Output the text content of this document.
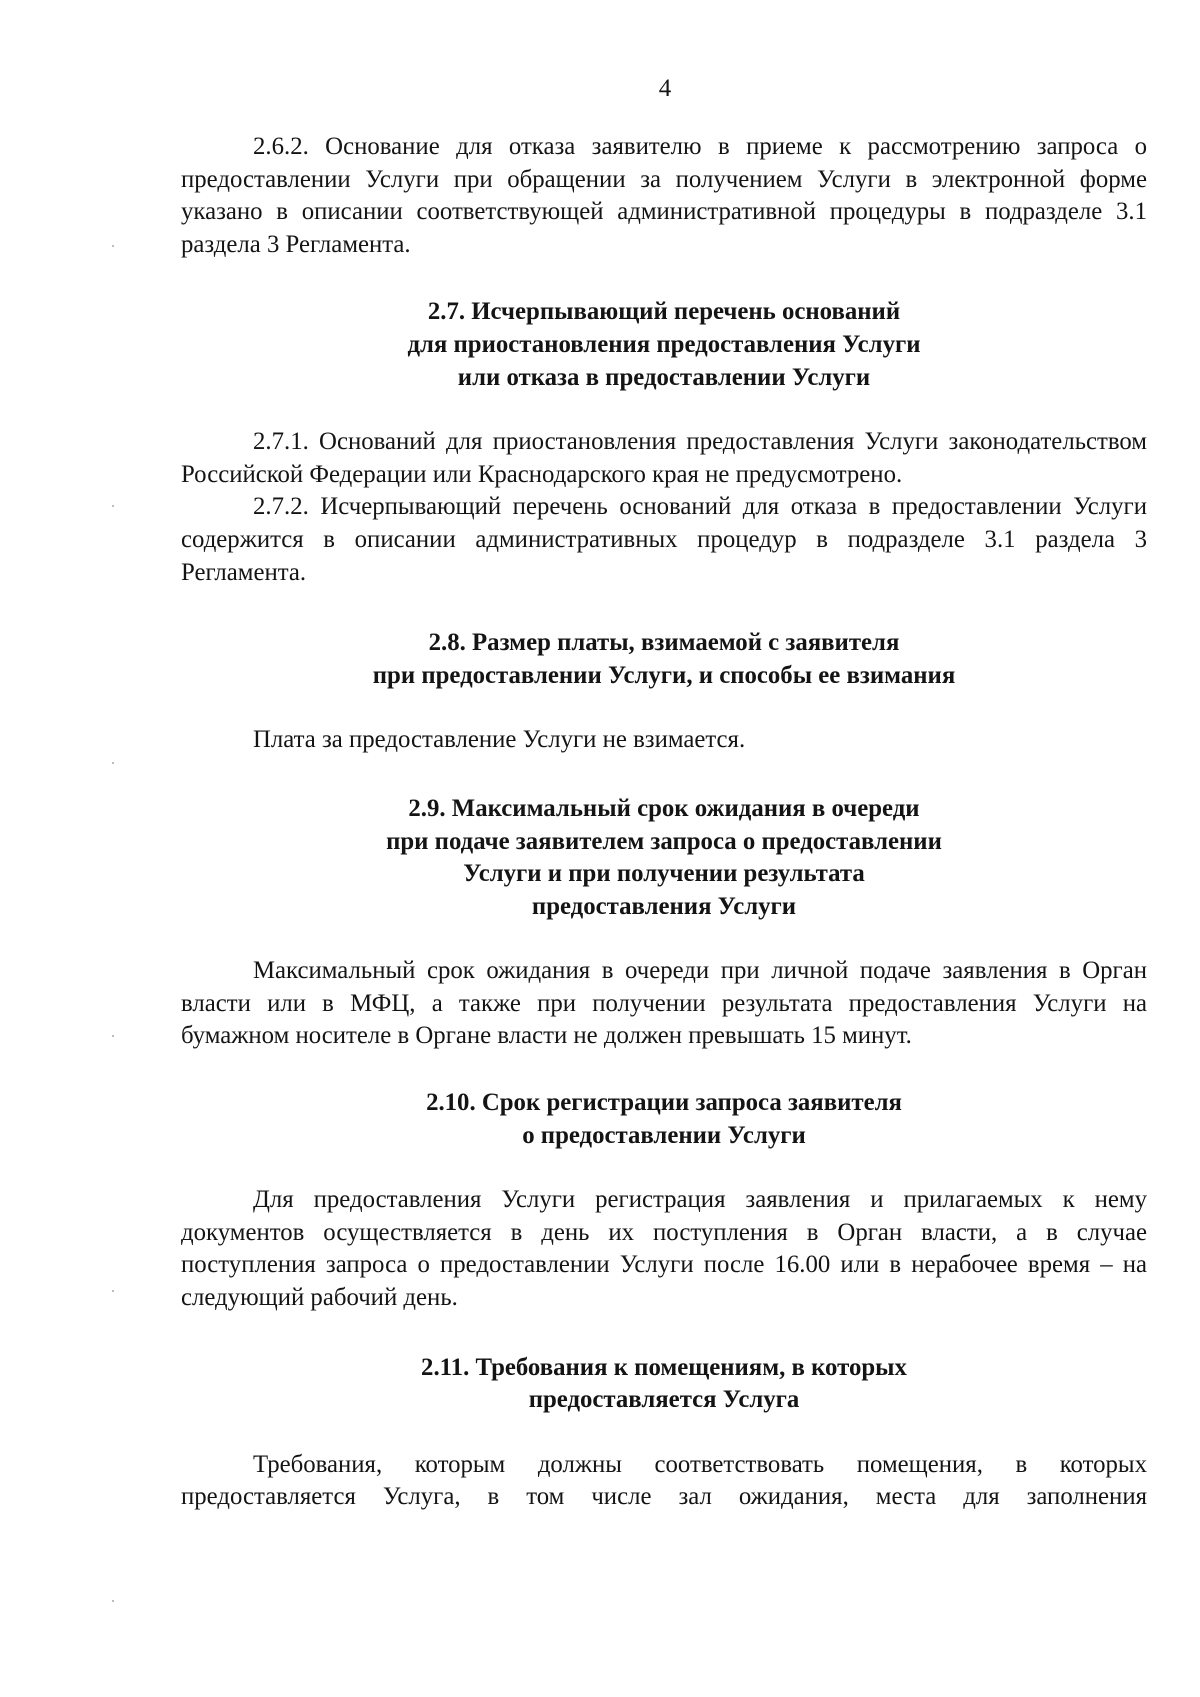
4

2.6.2. Основание для отказа заявителю в приеме к рассмотрению запроса о предоставлении Услуги при обращении за получением Услуги в электронной форме указано в описании соответствующей административной процедуры в подразделе 3.1 раздела 3 Регламента.

2.7. Исчерпывающий перечень оснований
для приостановления предоставления Услуги
или отказа в предоставлении Услуги

2.7.1. Оснований для приостановления предоставления Услуги законодательством Российской Федерации или Краснодарского края не предусмотрено.

2.7.2. Исчерпывающий перечень оснований для отказа в предоставлении Услуги содержится в описании административных процедур в подразделе 3.1 раздела 3 Регламента.

2.8. Размер платы, взимаемой с заявителя
при предоставлении Услуги, и способы ее взимания

Плата за предоставление Услуги не взимается.

2.9. Максимальный срок ожидания в очереди
при подаче заявителем запроса о предоставлении
Услуги и при получении результата
предоставления Услуги

Максимальный срок ожидания в очереди при личной подаче заявления в Орган власти или в МФЦ, а также при получении результата предоставления Услуги на бумажном носителе в Органе власти не должен превышать 15 минут.

2.10. Срок регистрации запроса заявителя
о предоставлении Услуги

Для предоставления Услуги регистрация заявления и прилагаемых к нему документов осуществляется в день их поступления в Орган власти, а в случае поступления запроса о предоставлении Услуги после 16.00 или в нерабочее время – на следующий рабочий день.

2.11. Требования к помещениям, в которых
предоставляется Услуга

Требования, которым должны соответствовать помещения, в которых предоставляется Услуга, в том числе зал ожидания, места для заполнения
